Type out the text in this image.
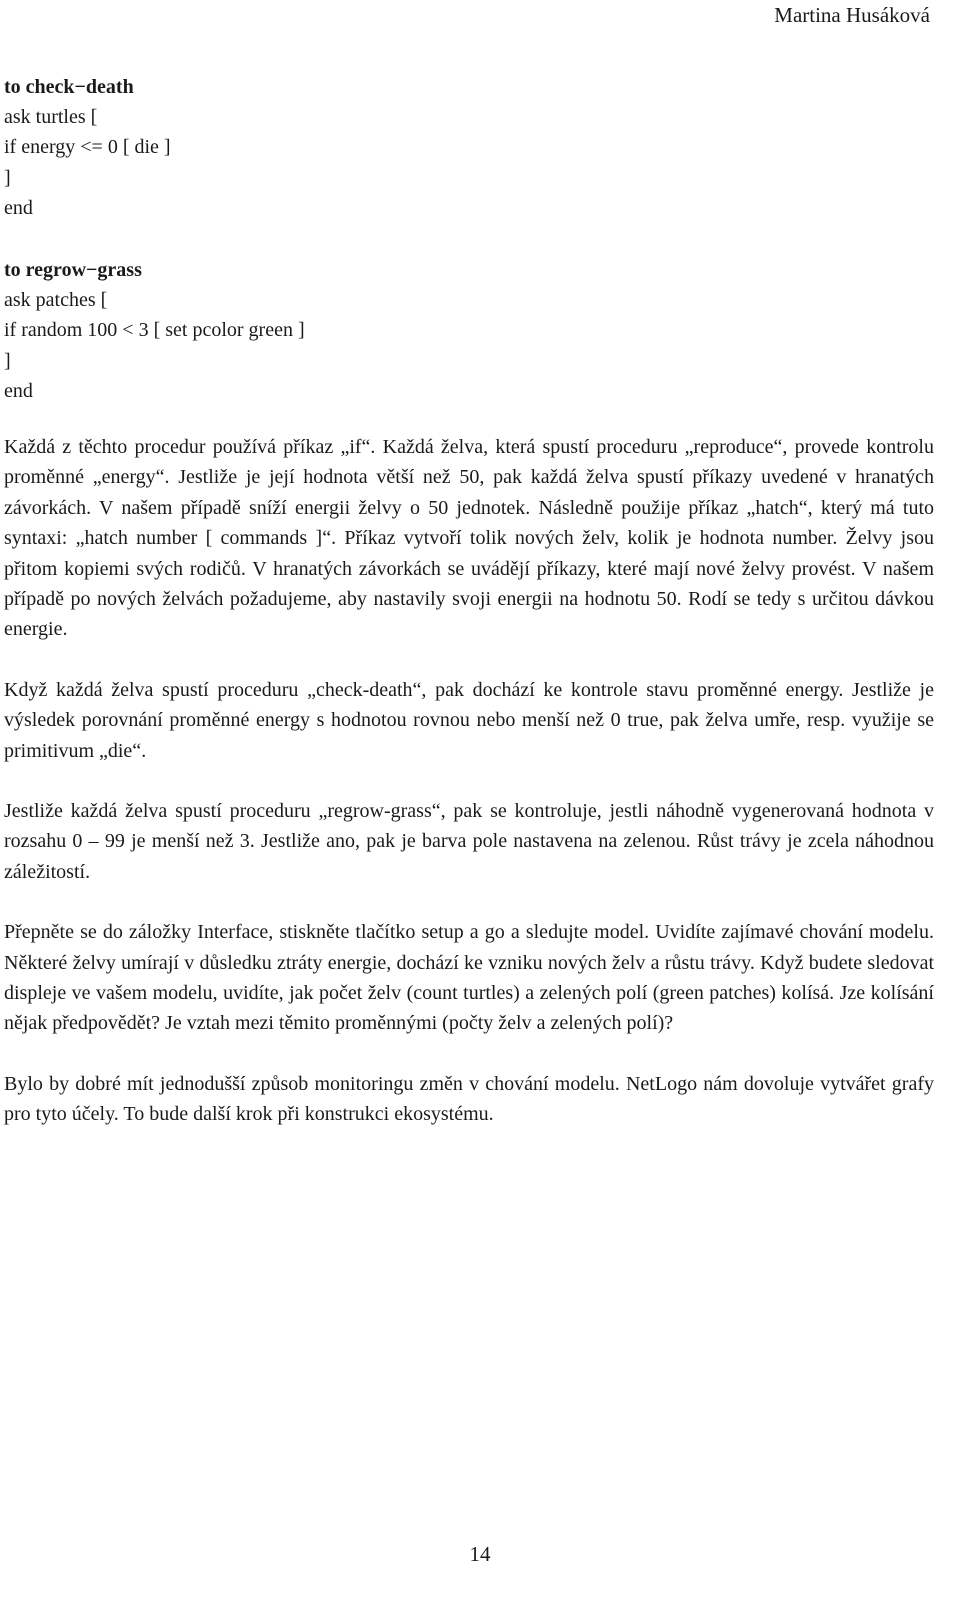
Martina Husáková
to check−death
ask turtles [
if energy <= 0 [ die ]
]
end
to regrow−grass
ask patches [
if random 100 < 3 [ set pcolor green ]
]
end

Každá z těchto procedur používá příkaz „if“. Každá želva, která spustí proceduru „reproduce“, provede kontrolu proměnné „energy“. Jestliže je její hodnota větší než 50, pak každá želva spustí příkazy uvedené v hranatých závorkách. V našem případě sníží energii želvy o 50 jednotek. Následně použije příkaz „hatch“, který má tuto syntaxi: „hatch number [ commands ]“. Příkaz vytvoří tolik nových želv, kolik je hodnota number. Želvy jsou přitom kopiemi svých rodičů. V hranatých závorkách se uvádějí příkazy, které mají nové želvy provést. V našem případě po nových želvách požadujeme, aby nastavily svoji energii na hodnotu 50. Rodí se tedy s určitou dávkou energie.

Když každá želva spustí proceduru „check-death“, pak dochází ke kontrole stavu proměnné energy. Jestliže je výsledek porovnání proměnné energy s hodnotou rovnou nebo menší než 0 true, pak želva umře, resp. využije se primitivum „die“.

Jestliže každá želva spustí proceduru „regrow-grass“, pak se kontroluje, jestli náhodně vygenerovaná hodnota v rozsahu 0 – 99 je menší než 3. Jestliže ano, pak je barva pole nastavena na zelenou. Růst trávy je zcela náhodnou záležitostí.

Přepněte se do záložky Interface, stiskněte tlačítko setup a go a sledujte model. Uvidíte zajímavé chování modelu. Některé želvy umírají v důsledku ztráty energie, dochází ke vzniku nových želv a růstu trávy. Když budete sledovat displeje ve vašem modelu, uvidíte, jak počet želv (count turtles) a zelených polí (green patches) kolísá. Jze kolísání nějak předpovědět? Je vztah mezi těmito proměnnými (počty želv a zelených polí)?

Bylo by dobré mít jednodušší způsob monitoringu změn v chování modelu. NetLogo nám dovoluje vytvářet grafy pro tyto účely. To bude další krok při konstrukci ekosystému.

14
